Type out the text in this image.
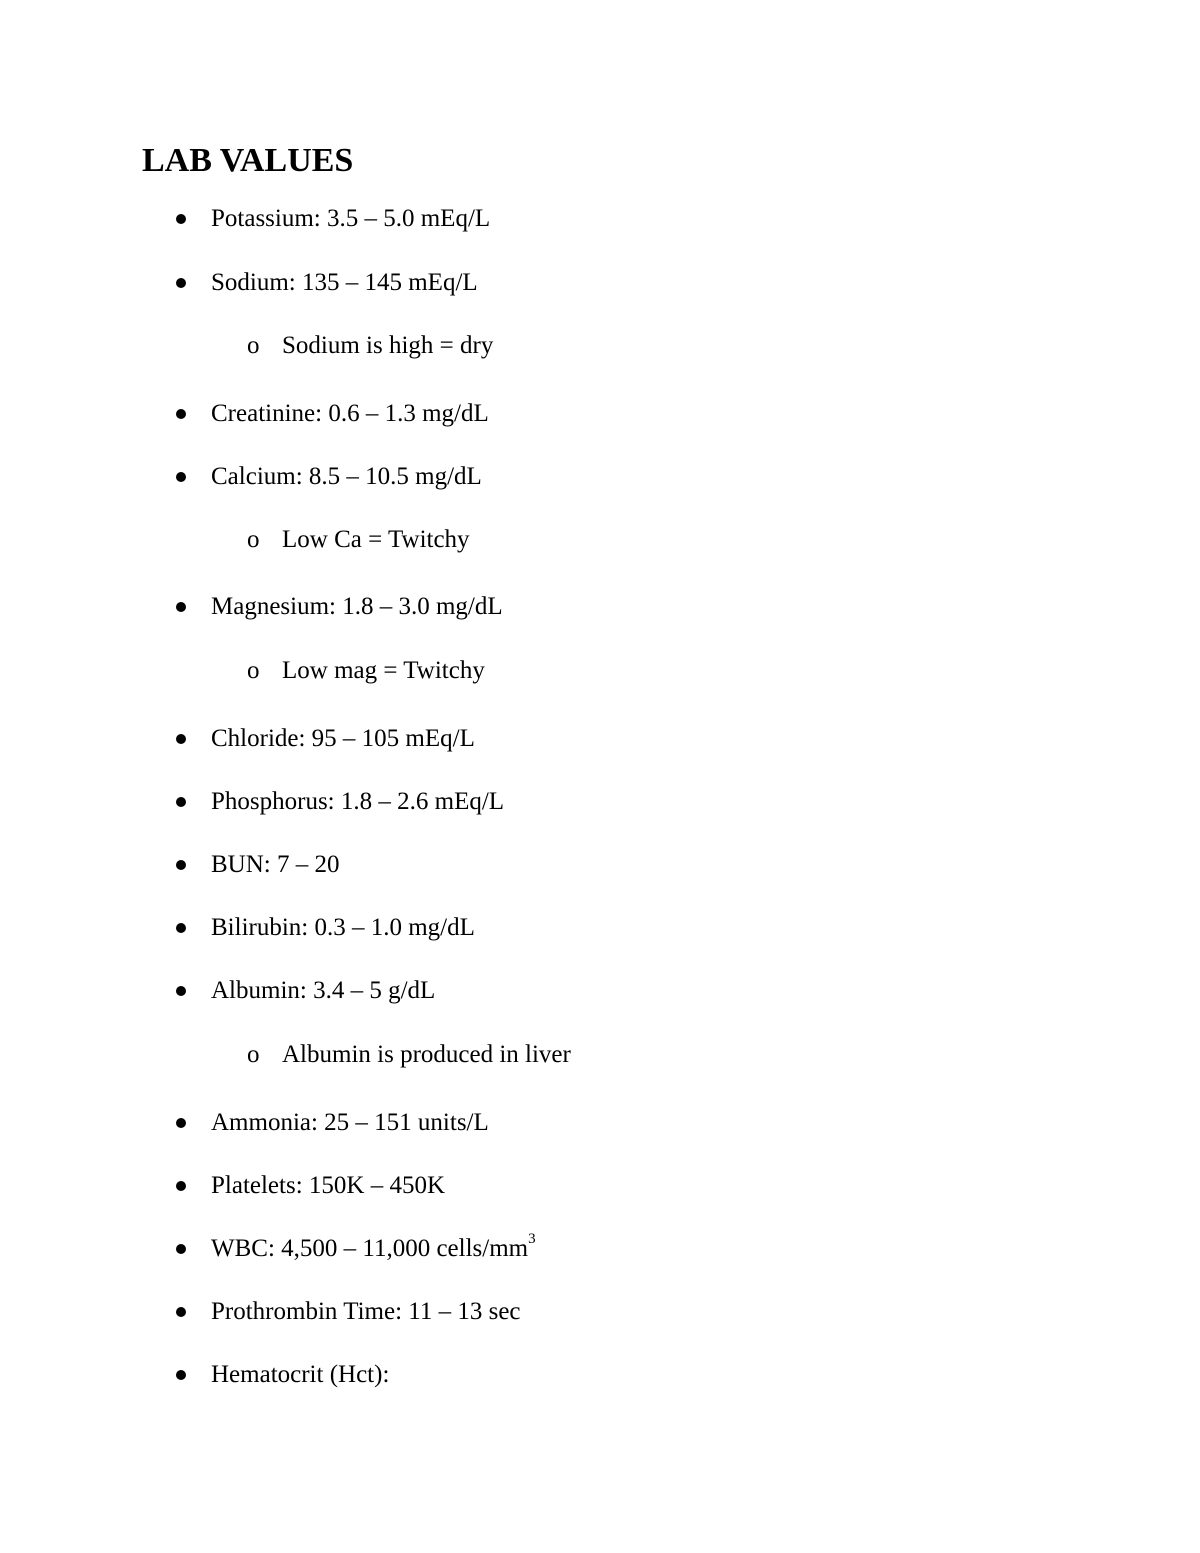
LAB VALUES
Potassium: 3.5 – 5.0 mEq/L
Sodium: 135 – 145 mEq/L
o Sodium is high = dry
Creatinine: 0.6 – 1.3 mg/dL
Calcium: 8.5 – 10.5 mg/dL
o Low Ca = Twitchy
Magnesium: 1.8 – 3.0 mg/dL
o Low mag = Twitchy
Chloride: 95 – 105 mEq/L
Phosphorus: 1.8 – 2.6 mEq/L
BUN: 7 – 20
Bilirubin: 0.3 – 1.0 mg/dL
Albumin: 3.4 – 5 g/dL
o Albumin is produced in liver
Ammonia: 25 – 151 units/L
Platelets: 150K – 450K
WBC: 4,500 – 11,000 cells/$mm^3$
Prothrombin Time: 11 – 13 sec
Hematocrit (Hct):
